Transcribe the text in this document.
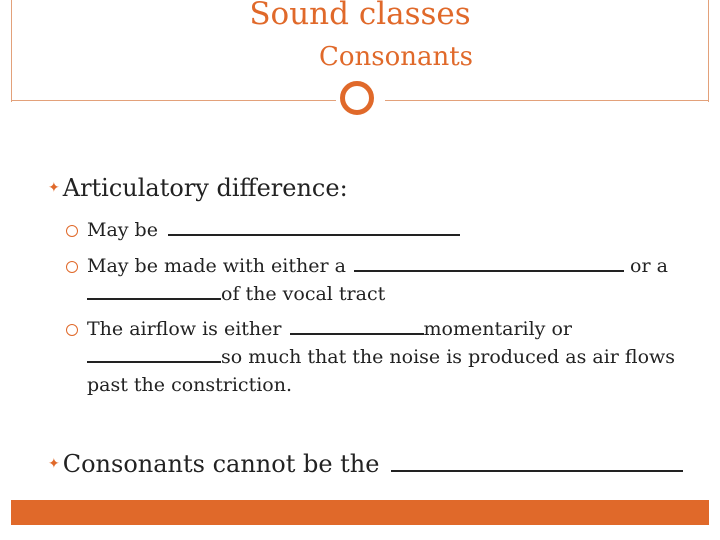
Sound classes
Consonants
✦ Articulatory difference:
May be
May be made with either a	or a
of the vocal tract
The airflow is either	momentarily or
so much that the noise is produced as air flows past the constriction.
✦ Consonants cannot be the
